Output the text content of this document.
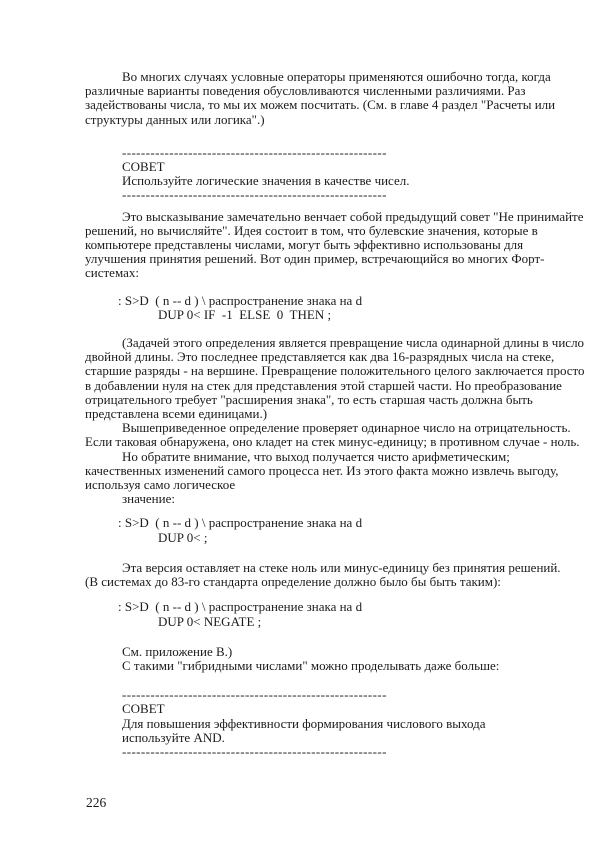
Во многих случаях условные операторы применяются ошибочно тогда, когда
различные варианты поведения обусловливаются численными различиями. Раз
задействованы числа, то мы их можем посчитать. (См. в главе 4 раздел "Расчеты или
структуры данных или логика".)
--------------------------------------------------------
СОВЕТ
Используйте логические значения в качестве чисел.
--------------------------------------------------------
Это высказывание замечательно венчает собой предыдущий совет "Не принимайте
решений, но вычисляйте". Идея состоит в том, что булевские значения, которые в
компьютере представлены числами, могут быть эффективно использованы для
улучшения принятия решений. Вот один пример, встречающийся во многих Форт-
системах:
: S>D  ( n -- d ) \ распространение знака на d
DUP 0< IF  -1  ELSE  0  THEN ;
(Задачей этого определения является превращение числа одинарной длины в число
двойной длины. Это последнее представляется как два 16-разрядных числа на стеке,
старшие разряды - на вершине. Превращение положительного целого заключается просто
в добавлении нуля на стек для представления этой старшей части. Но преобразование
отрицательного требует "расширения знака", то есть старшая часть должна быть
представлена всеми единицами.)
Вышеприведенное определение проверяет одинарное число на отрицательность.
Если таковая обнаружена, оно кладет на стек минус-единицу; в противном случае - ноль.
Но обратите внимание, что выход получается чисто арифметическим;
качественных изменений самого процесса нет. Из этого факта можно извлечь выгоду,
используя само логическое
значение:
: S>D  ( n -- d ) \ распространение знака на d
DUP 0< ;
Эта версия оставляет на стеке ноль или минус-единицу без принятия решений.
(В системах до 83-го стандарта определение должно было бы быть таким):
: S>D  ( n -- d ) \ распространение знака на d
DUP 0< NEGATE ;
См. приложение В.)
С такими "гибридными числами" можно проделывать даже больше:
--------------------------------------------------------
СОВЕТ
Для повышения эффективности формирования числового выхода
используйте AND.
--------------------------------------------------------
226
